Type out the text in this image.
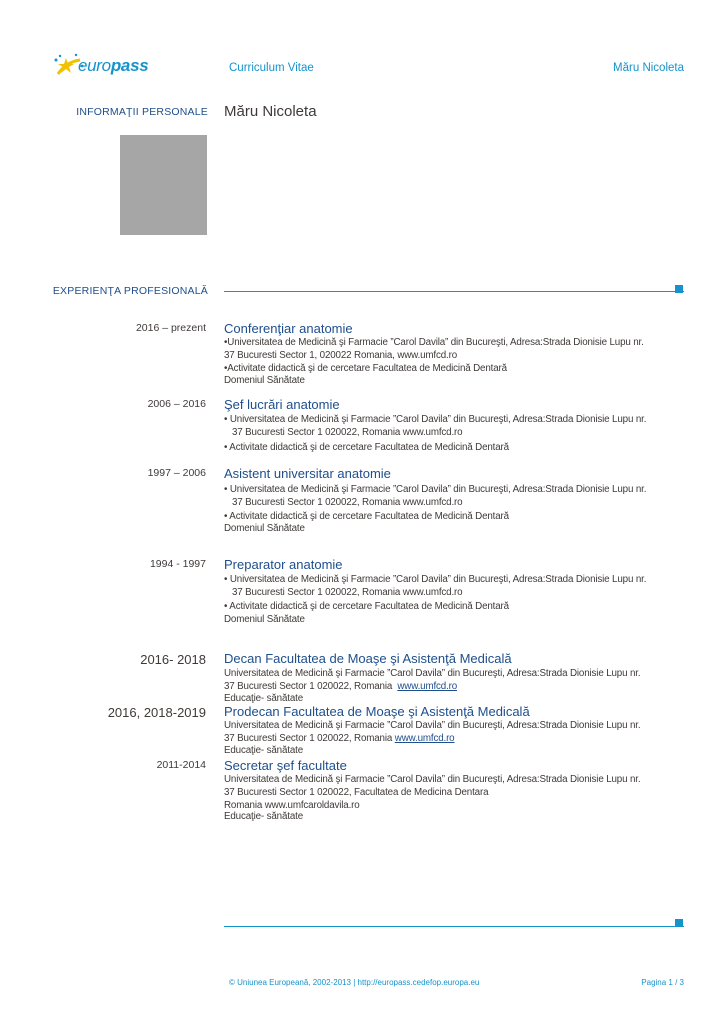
europass	Curriculum Vitae	Măru Nicoleta
INFORMAŢII PERSONALE Măru Nicoleta
EXPERIENŢA PROFESIONALĂ
2016 – prezent Conferenţiar anatomie
•Universitatea de Medicină şi Farmacie ”Carol Davila” din Bucureşti, Adresa:Strada Dionisie Lupu nr.
37 Bucuresti Sector 1, 020022 Romania, www.umfcd.ro
•Activitate didactică şi de cercetare Facultatea de Medicină Dentară
Domeniul Sănătate
2006 – 2016 Şef lucrări anatomie
• Universitatea de Medicină şi Farmacie ”Carol Davila” din Bucureşti, Adresa:Strada Dionisie Lupu nr.
37 Bucuresti Sector 1 020022, Romania www.umfcd.ro
• Activitate didactică şi de cercetare Facultatea de Medicină Dentară
1997 – 2006 Asistent universitar anatomie
• Universitatea de Medicină şi Farmacie ”Carol Davila” din Bucureşti, Adresa:Strada Dionisie Lupu nr.
37 Bucuresti Sector 1 020022, Romania www.umfcd.ro
• Activitate didactică şi de cercetare Facultatea de Medicină Dentară
Domeniul Sănătate
1994 - 1997 Preparator anatomie
• Universitatea de Medicină şi Farmacie ”Carol Davila” din Bucureşti, Adresa:Strada Dionisie Lupu nr.
37 Bucuresti Sector 1 020022, Romania www.umfcd.ro
• Activitate didactică şi de cercetare Facultatea de Medicină Dentară
Domeniul Sănătate
2016- 2018 Decan Facultatea de Moaşe şi Asistenţă Medicală
Universitatea de Medicină şi Farmacie ”Carol Davila” din Bucureşti, Adresa:Strada Dionisie Lupu nr.
37 Bucuresti Sector 1 020022, Romania www.umfcd.ro
Educaţie- sănătate
2016, 2018-2019 Prodecan Facultatea de Moaşe şi Asistenţă Medicală
Universitatea de Medicină şi Farmacie ”Carol Davila” din Bucureşti, Adresa:Strada Dionisie Lupu nr.
37 Bucuresti Sector 1 020022, Romania www.umfcd.ro
Educaţie- sănătate
2011-2014 Secretar şef facultate
Universitatea de Medicină şi Farmacie ”Carol Davila” din Bucureşti, Adresa:Strada Dionisie Lupu nr.
37 Bucuresti Sector 1 020022, Facultatea de Medicina Dentara
Romania www.umfcaroldavila.ro
Educaţie- sănătate
© Uniunea Europeană, 2002-2013 | http://europass.cedefop.europa.eu	Pagina 1 / 3
